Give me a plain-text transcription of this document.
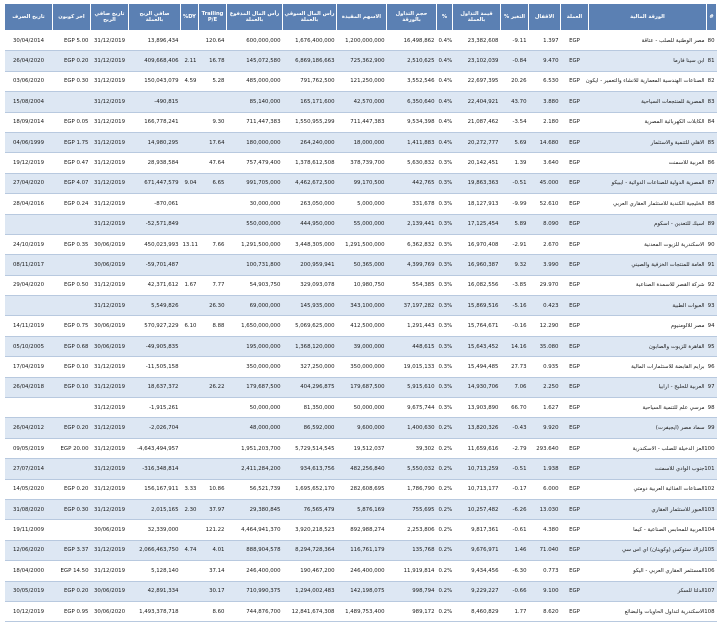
#	الورقة المالية	العملة	الاقفال	التغير %	قيمة التداول بالعملة	%	حجم التداول بالورقة	الاسهم المقيدة	رأس المال السوقي بالعملة	رأس المال المدفوع بالعملة	Trailing P/E	DY%	صافي الربح بالعملة	تاريخ صافي الربح	اخر كوبون	تاريخ الصرف
80	مصر الوطنية للصلب - عتاقة	EGP	1.397	-9.11	23,382,608	0.4%	16,498,862	1,200,000,000	1,676,400,000	600,000,000	120.64		13,896,434	31/12/2019	EGP 5.00	30/04/2014
81	ابن سينا فارما	EGP	9.470	-0.84	23,102,039	0.4%	2,510,625	725,362,900	6,869,186,663	145,072,580	16.78	2.11	409,668,406	31/12/2019	EGP 0.20	26/04/2020
82	الصناعات الهندسية المعمارية للانشاء والتعمير - ايكون	EGP	6.530	20.26	22,697,395	0.4%	3,552,546	121,250,000	791,762,500	485,000,000	5.28	4.59	150,043,079	31/12/2019	EGP 0.30	03/06/2020
83	المصرية للمنتجعات السياحية	EGP	3.880	43.70	22,404,921	0.4%	6,350,640	42,570,000	165,171,600	85,140,000			-490,815	31/12/2019		15/08/2004
84	الكابلات الكهربائية المصرية	EGP	2.180	-3.54	21,087,462	0.4%	9,534,398	711,447,383	1,550,955,299	711,447,383	9.30		166,778,241	31/12/2019	EGP 0.05	18/09/2014
85	الاهلي للتنمية والاستثمار	EGP	14.680	5.69	20,272,777	0.4%	1,411,883	18,000,000	264,240,000	180,000,000	17.64		14,980,295	31/12/2019	EGP 1.75	04/06/1999
86	العربية للاسمنت	EGP	3.640	1.39	20,142,451	0.3%	5,630,832	378,739,700	1,378,612,508	757,479,400	47.64		28,938,584	31/12/2019	EGP 0.47	19/12/2019
87	المصرية الدولية للصناعات الدوائية - ايبيكو	EGP	45.000	-0.51	19,863,363	0.3%	442,765	99,170,500	4,462,672,500	991,705,000	6.65	9.04	671,447,579	31/12/2019	EGP 4.07	27/04/2020
88	الخليجية الكندية للاستثمار العقاري العربي	EGP	52.610	-9.99	18,127,913	0.3%	331,678	5,000,000	263,050,000	30,000,000			-870,061	31/12/2019	EGP 0.24	28/04/2016
89	اسيك للتعدين - اسكوم	EGP	8.090	5.89	17,125,454	0.3%	2,139,441	55,000,000	444,950,000	550,000,000			-52,571,849	31/12/2019		
90	الاسكندرية للزيوت المعدنية	EGP	2.670	-2.91	16,970,408	0.3%	6,362,832	1,291,500,000	3,448,305,000	1,291,500,000	7.66	13.11	450,023,993	30/06/2019	EGP 0.35	24/10/2019
91	العامة للمنتجات الخزفية والصيني	EGP	3.990	9.32	16,960,387	0.3%	4,399,769	50,365,000	200,959,941	100,731,800			-59,701,487	30/06/2019		08/11/2017
92	شركة القصر للاسمدة الصناعية	EGP	29.970	-3.85	16,082,556	0.3%	554,385	10,980,750	329,093,078	54,903,750	7.77	1.67	42,371,612	31/12/2019	EGP 0.50	29/04/2020
93	العبوات الطبية	EGP	0.423	-5.16	15,869,516	0.3%	37,197,282	343,100,000	145,935,000	69,000,000	26.30		5,549,826	31/12/2019		
94	مصر للالومنيوم	EGP	12.290	-0.16	15,764,671	0.3%	1,291,443	412,500,000	5,069,625,000	1,650,000,000	8.88	6.10	570,927,229	30/06/2019	EGP 0.75	14/11/2019
95	القاهرة للزيوت والصابون	EGP	35.080	14.16	15,643,452	0.3%	448,615	39,000,000	1,368,120,000	195,000,000			-49,905,835	30/06/2019	EGP 0.68	05/10/2005
96	برايم القابضة للاستثمارات المالية	EGP	0.935	27.73	15,494,485	0.3%	19,015,133	350,000,000	327,250,000	350,000,000			-11,505,158	31/12/2019	EGP 0.10	17/04/2019
97	العربية للحليج - ارابيا	EGP	2.250	7.06	14,930,706	0.3%	5,915,610	179,687,500	404,296,875	179,687,500	26.22		18,637,372	31/12/2019	EGP 0.10	26/04/2018
98	مرسي علم للتنمية السياحية	EGP	1.627	66.70	13,903,890	0.3%	9,675,744	50,000,000	81,350,000	50,000,000			-1,915,261	31/12/2019		
99	سماد مصر (ايجيفرت)	EGP	9.920	-0.43	13,820,326	0.2%	1,400,630	9,600,000	86,592,000	48,000,000			-2,026,704	31/12/2019	EGP 0.20	26/04/2012
100	العز الدخيلة للصلب - الاسكندرية	EGP	293.640	-2.79	11,659,616	0.2%	39,302	19,512,037	5,729,514,545	1,951,203,700			-4,643,494,957	31/12/2019	EGP 20.00	09/05/2019
101	جنوب الوادي للاسمنت	EGP	1.938	-0.51	10,713,259	0.2%	5,550,032	482,256,840	934,613,756	2,411,284,200			-316,348,814	31/12/2019		27/07/2014
102	الصناعات الغذائية العربية دومتي	EGP	6.000	-0.17	10,713,177	0.2%	1,786,790	282,608,695	1,695,652,170	56,521,739	10.86	3.33	156,167,911	31/12/2019	EGP 0.20	14/05/2020
103	العبور للاستثمار العقاري	EGP	13.030	-6.26	10,257,482	0.2%	755,695	5,876,169	76,565,479	29,380,845	37.97	2.30	2,015,165	31/12/2019	EGP 0.30	31/08/2020
104	العربية للمحابس الصناعية - كيما	EGP	4.380	-0.61	9,817,361	0.2%	2,253,806	892,988,274	3,920,218,523	4,464,941,370	121.22		32,339,000	30/06/2019		19/11/2009
105	ايزاك ستوكس (وكوينان) اي اس سي	EGP	71.040	1.46	9,676,971	0.2%	135,768	116,761,179	8,294,728,364	888,904,578	4.01	4.74	2,066,463,750	31/12/2019	EGP 3.37	12/06/2020
106	المستثمر العقاري العربي - اليكو	EGP	0.773	-6.30	9,434,456	0.2%	11,919,814	246,400,000	190,467,200	246,400,000	37.14		5,128,140	31/12/2019	EGP 14.50	18/04/2000
107	الدلتا للسكر	EGP	9.100	-0.66	9,229,227	0.2%	998,794	142,198,075	1,294,002,483	710,990,375	30.17		42,891,334	30/06/2019	EGP 0.20	30/05/2019
108	الاسكندرية لتداول الحاويات والبضائع	EGP	8.620	1.77	8,460,829	0.2%	989,172	1,489,753,400	12,841,674,308	744,876,700	8.60		1,493,378,718	30/06/2020	EGP 0.95	10/12/2019
